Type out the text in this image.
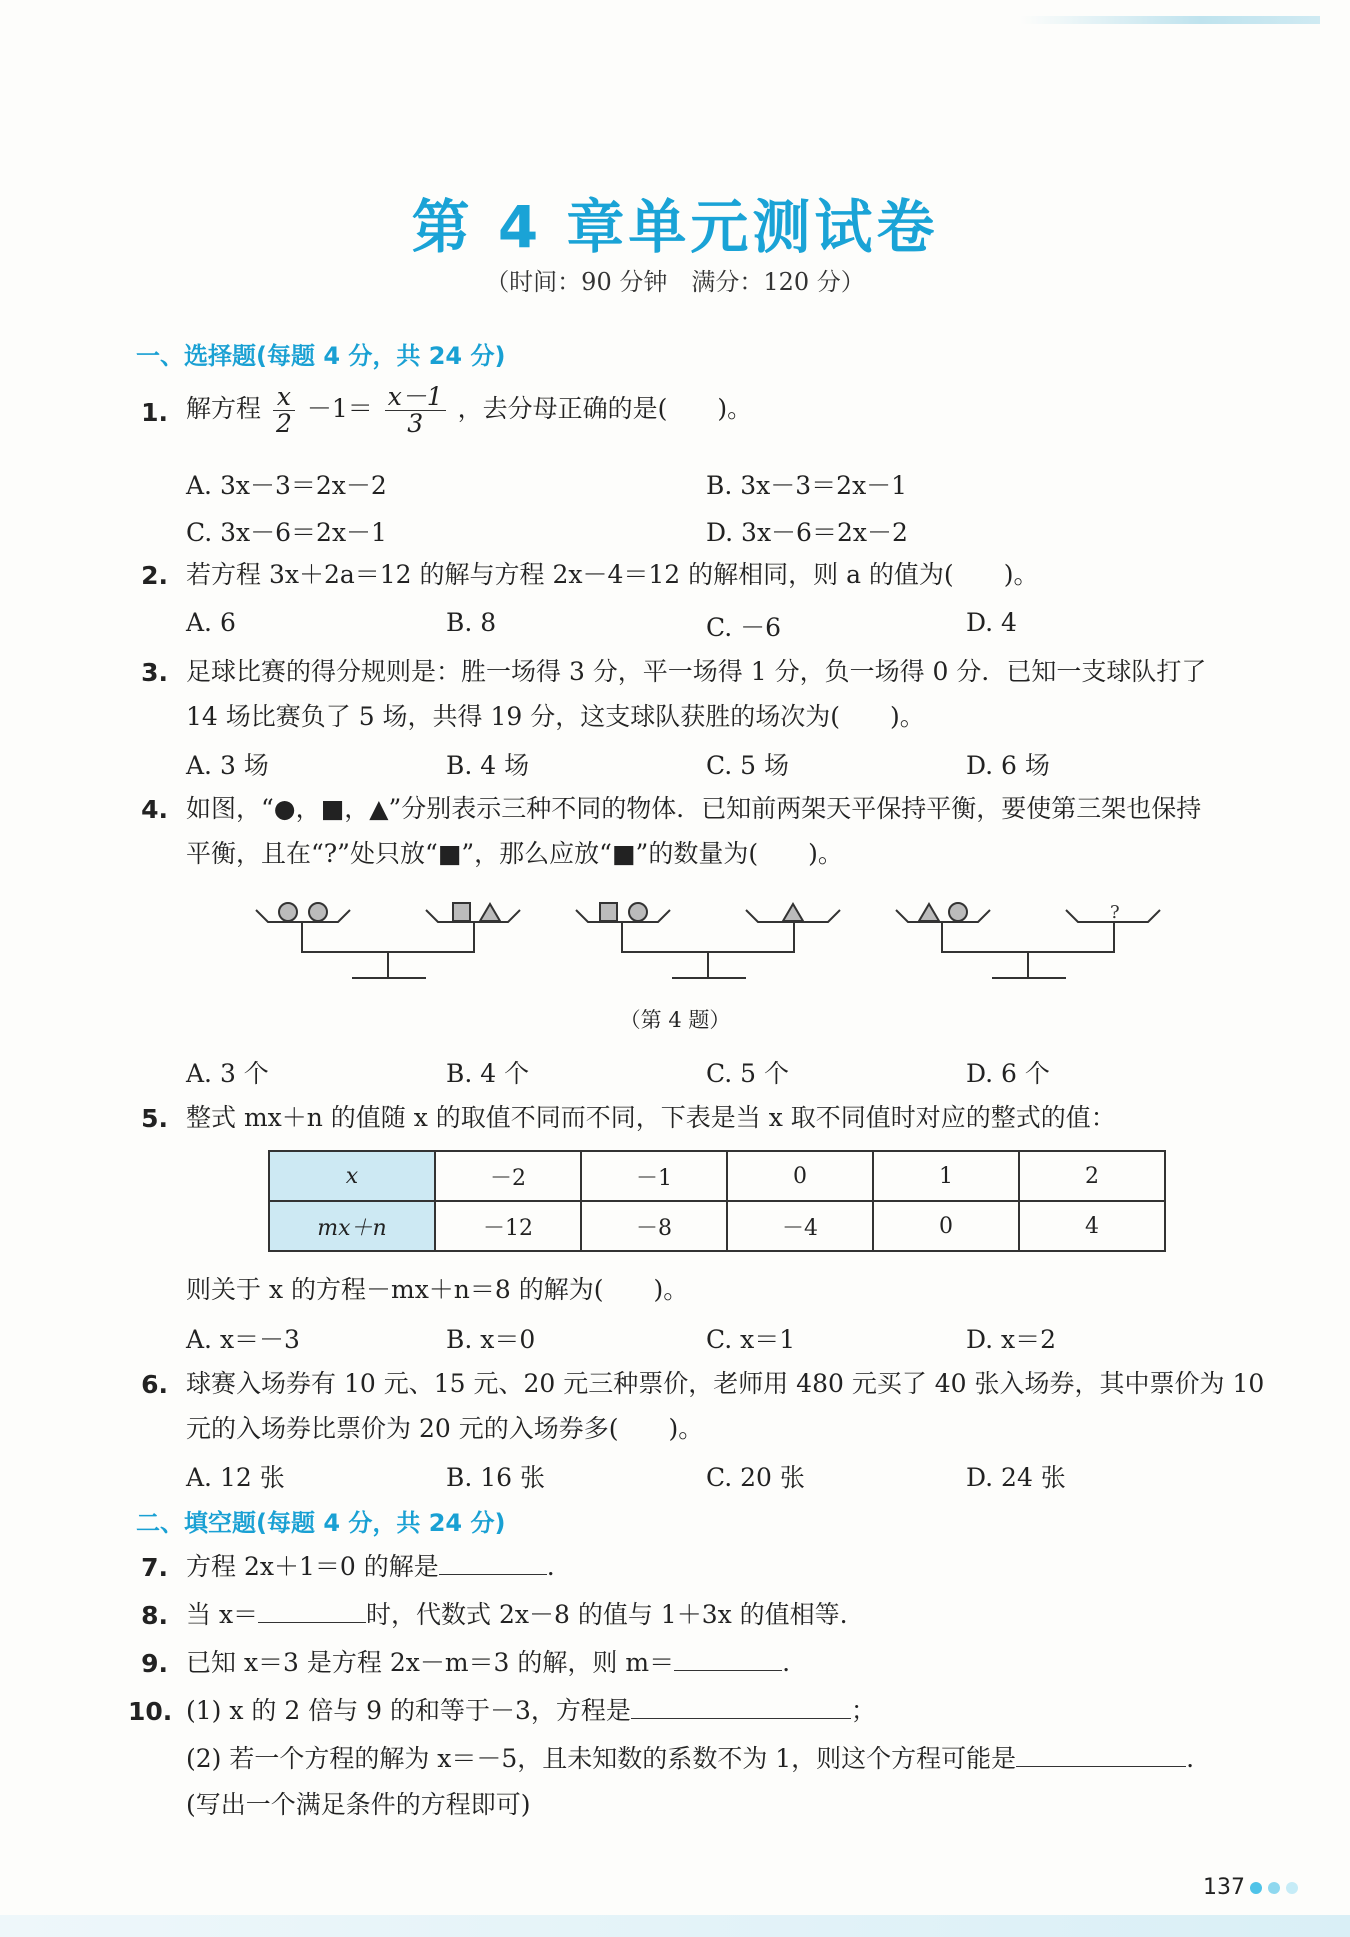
第 4 章单元测试卷
（时间：90 分钟　满分：120 分）
一、选择题(每题 4 分，共 24 分)
1. 解方程 $\frac{x}{2} -1= \frac{x-1}{3}$ ，去分母正确的是(　　)。
A. 3x－3＝2x－2	B. 3x－3＝2x－1
C. 3x－6＝2x－1	D. 3x－6＝2x－2
2. 若方程 3x＋2a＝12 的解与方程 2x－4＝12 的解相同，则 a 的值为(　　)。
A. 6	B. 8	C. －6	D. 4
3. 足球比赛的得分规则是：胜一场得 3 分，平一场得 1 分，负一场得 0 分．已知一支球队打了
14 场比赛负了 5 场，共得 19 分，这支球队获胜的场次为(　　)。
A. 3 场	B. 4 场	C. 5 场	D. 6 场
4. 如图，“●，■，▲”分别表示三种不同的物体．已知前两架天平保持平衡，要使第三架也保持
平衡，且在“?”处只放“■”，那么应放“■”的数量为(　　)。
?
（第 4 题）
A. 3 个	B. 4 个	C. 5 个	D. 6 个
5. 整式 mx＋n 的值随 x 的取值不同而不同，下表是当 x 取不同值时对应的整式的值：
x	－2	－1	0	1	2
mx＋n	－12	－8	－4	0	4
则关于 x 的方程－mx＋n＝8 的解为(　　)。
A. x＝－3	B. x＝0	C. x＝1	D. x＝2
6. 球赛入场券有 10 元、15 元、20 元三种票价，老师用 480 元买了 40 张入场券，其中票价为 10
元的入场券比票价为 20 元的入场券多(　　)。
A. 12 张	B. 16 张	C. 20 张	D. 24 张
二、填空题(每题 4 分，共 24 分)
7. 方程 2x＋1＝0 的解是	.
8. 当 x＝	时，代数式 2x－8 的值与 1＋3x 的值相等.
9. 已知 x＝3 是方程 2x－m＝3 的解，则 m＝	.
10. (1) x 的 2 倍与 9 的和等于－3，方程是	；
(2) 若一个方程的解为 x＝－5，且未知数的系数不为 1，则这个方程可能是	.
(写出一个满足条件的方程即可)
137
